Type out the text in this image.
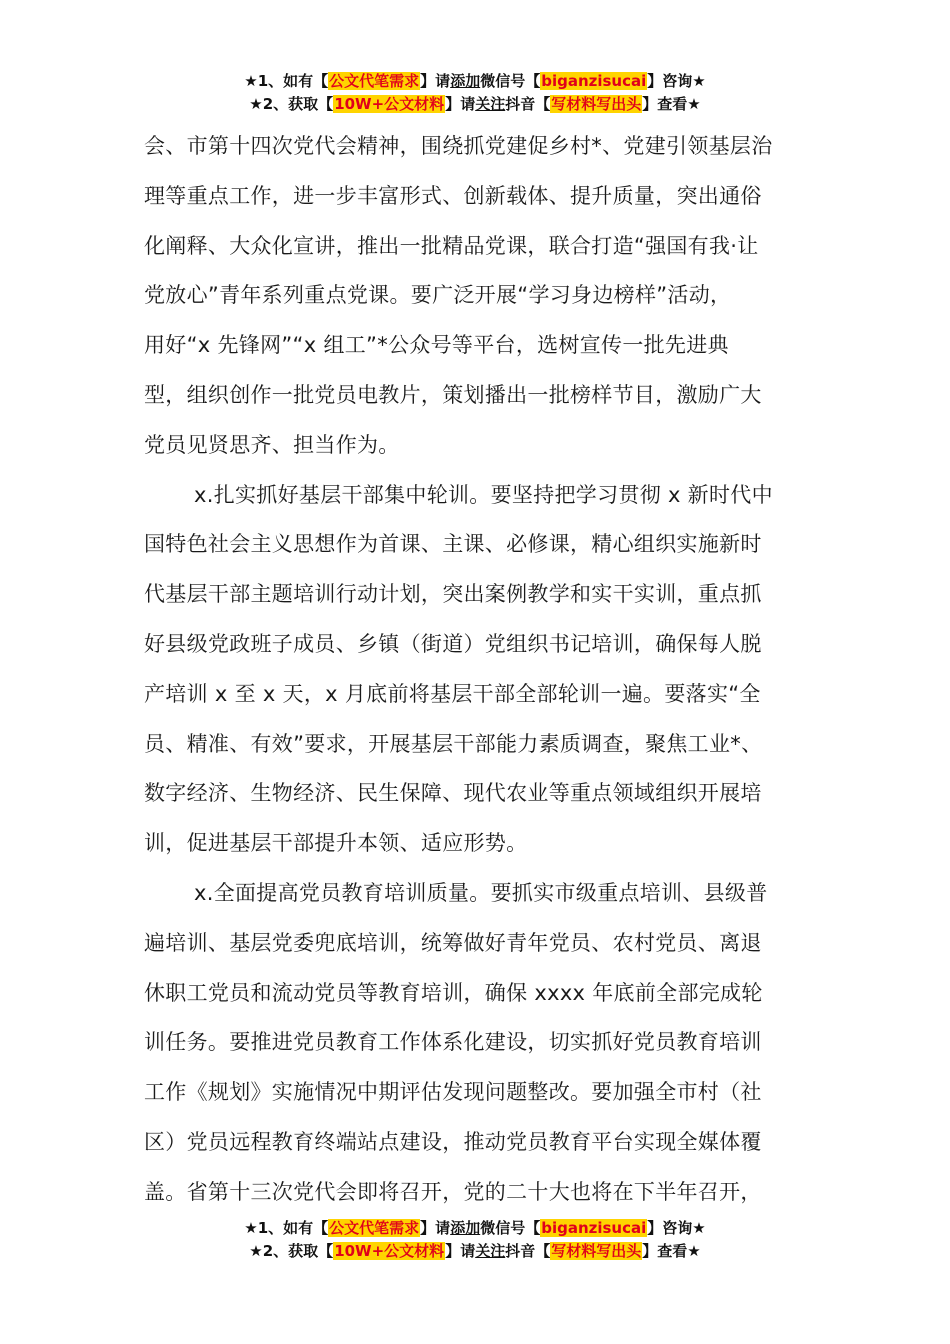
★1、如有【公文代笔需求】请添加微信号【biganzisucai】咨询★
★2、获取【10W+公文材料】请关注抖音【写材料写出头】查看★
会、市第十四次党代会精神，围绕抓党建促乡村*、党建引领基层治
理等重点工作，进一步丰富形式、创新载体、提升质量，突出通俗
化阐释、大众化宣讲，推出一批精品党课，联合打造“强国有我·让
党放心”青年系列重点党课。要广泛开展“学习身边榜样”活动，
用好“x 先锋网”“x 组工”*公众号等平台，选树宣传一批先进典
型，组织创作一批党员电教片，策划播出一批榜样节目，激励广大
党员见贤思齐、担当作为。
x.扎实抓好基层干部集中轮训。要坚持把学习贯彻 x 新时代中
国特色社会主义思想作为首课、主课、必修课，精心组织实施新时
代基层干部主题培训行动计划，突出案例教学和实干实训，重点抓
好县级党政班子成员、乡镇（街道）党组织书记培训，确保每人脱
产培训 x 至 x 天，x 月底前将基层干部全部轮训一遍。要落实“全
员、精准、有效”要求，开展基层干部能力素质调查，聚焦工业*、
数字经济、生物经济、民生保障、现代农业等重点领域组织开展培
训，促进基层干部提升本领、适应形势。
x.全面提高党员教育培训质量。要抓实市级重点培训、县级普
遍培训、基层党委兜底培训，统筹做好青年党员、农村党员、离退
休职工党员和流动党员等教育培训，确保 xxxx 年底前全部完成轮
训任务。要推进党员教育工作体系化建设，切实抓好党员教育培训
工作《规划》实施情况中期评估发现问题整改。要加强全市村（社
区）党员远程教育终端站点建设，推动党员教育平台实现全媒体覆
盖。省第十三次党代会即将召开，党的二十大也将在下半年召开，
★1、如有【公文代笔需求】请添加微信号【biganzisucai】咨询★
★2、获取【10W+公文材料】请关注抖音【写材料写出头】查看★
